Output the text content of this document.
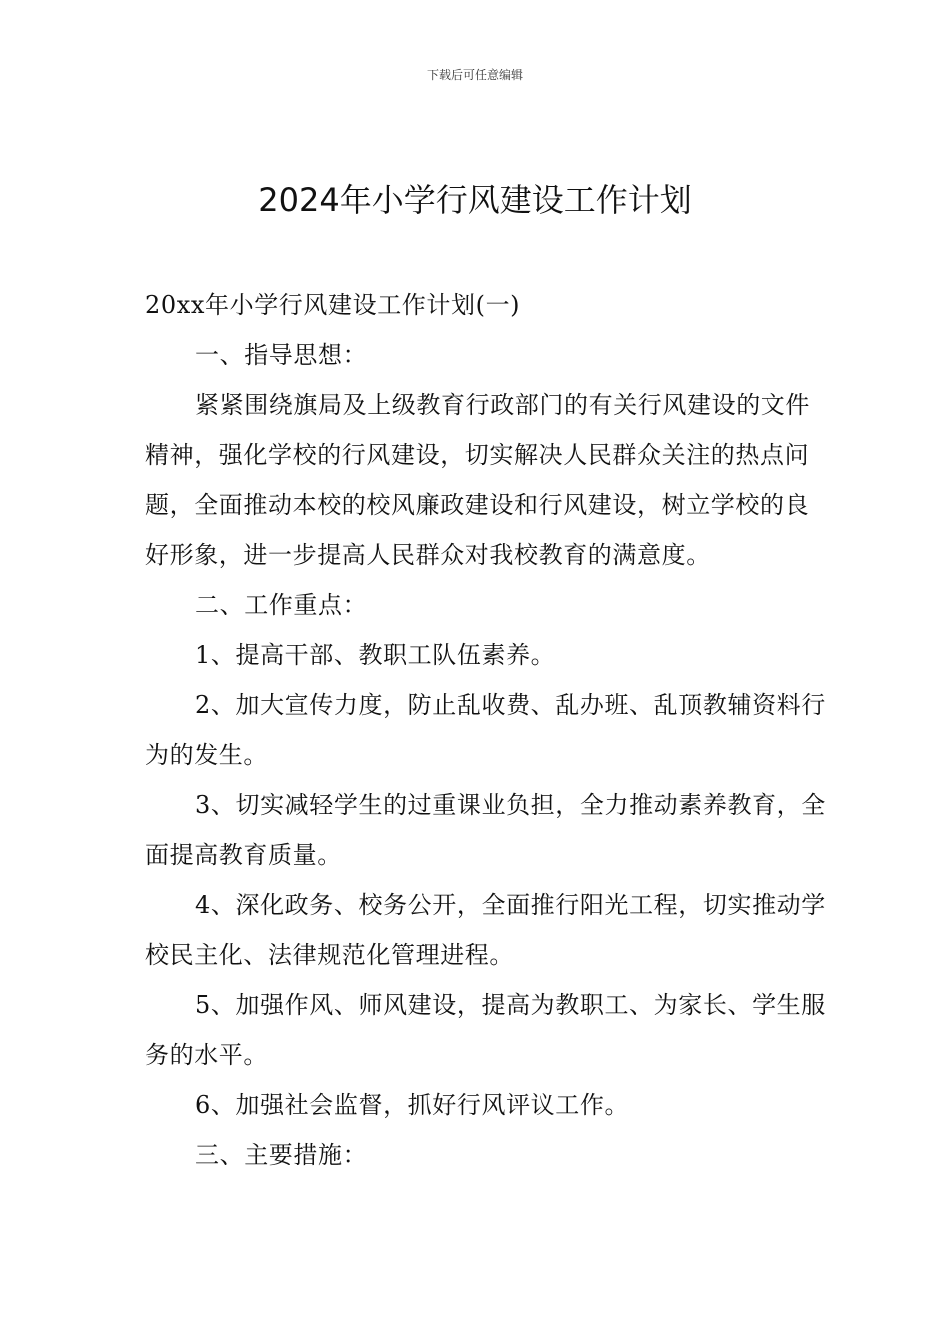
下载后可任意编辑
2024年小学行风建设工作计划

20xx年小学行风建设工作计划(一)

一、指导思想：

紧紧围绕旗局及上级教育行政部门的有关行风建设的文件精神，强化学校的行风建设，切实解决人民群众关注的热点问题，全面推动本校的校风廉政建设和行风建设，树立学校的良好形象，进一步提高人民群众对我校教育的满意度。

二、工作重点：

1、提高干部、教职工队伍素养。

2、加大宣传力度，防止乱收费、乱办班、乱顶教辅资料行为的发生。

3、切实减轻学生的过重课业负担，全力推动素养教育，全面提高教育质量。

4、深化政务、校务公开，全面推行阳光工程，切实推动学校民主化、法律规范化管理进程。

5、加强作风、师风建设，提高为教职工、为家长、学生服务的水平。

6、加强社会监督，抓好行风评议工作。

三、主要措施：
